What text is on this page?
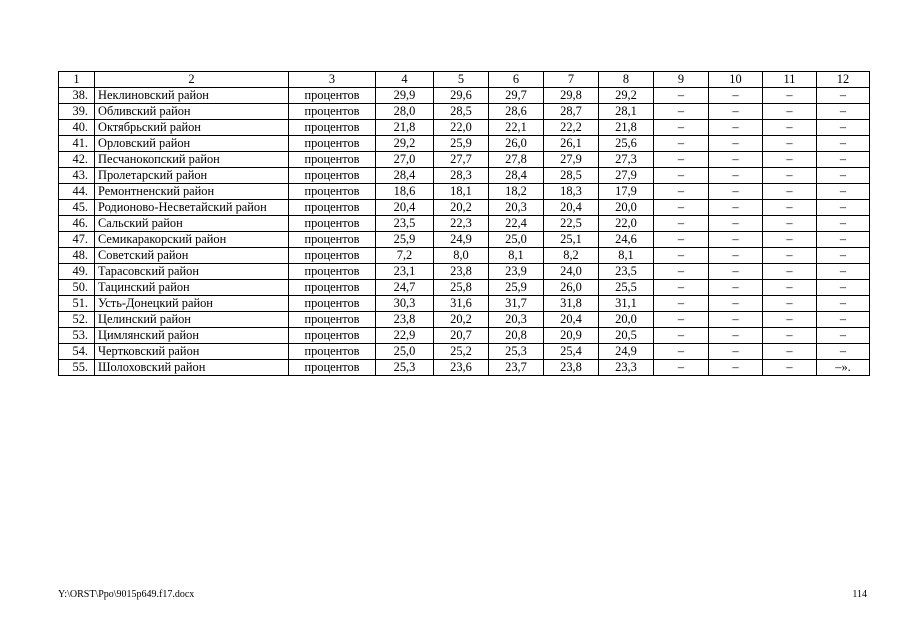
1	2	3	4	5	6	7	8	9	10	11	12
38.	Неклиновский район	процентов	29,9	29,6	29,7	29,8	29,2	–	–	–	–
39.	Обливский район	процентов	28,0	28,5	28,6	28,7	28,1	–	–	–	–
40.	Октябрьский район	процентов	21,8	22,0	22,1	22,2	21,8	–	–	–	–
41.	Орловский район	процентов	29,2	25,9	26,0	26,1	25,6	–	–	–	–
42.	Песчанокопский район	процентов	27,0	27,7	27,8	27,9	27,3	–	–	–	–
43.	Пролетарский район	процентов	28,4	28,3	28,4	28,5	27,9	–	–	–	–
44.	Ремонтненский район	процентов	18,6	18,1	18,2	18,3	17,9	–	–	–	–
45.	Родионово-Несветайский район	процентов	20,4	20,2	20,3	20,4	20,0	–	–	–	–
46.	Сальский район	процентов	23,5	22,3	22,4	22,5	22,0	–	–	–	–
47.	Семикаракорский район	процентов	25,9	24,9	25,0	25,1	24,6	–	–	–	–
48.	Советский район	процентов	7,2	8,0	8,1	8,2	8,1	–	–	–	–
49.	Тарасовский район	процентов	23,1	23,8	23,9	24,0	23,5	–	–	–	–
50.	Тацинский район	процентов	24,7	25,8	25,9	26,0	25,5	–	–	–	–
51.	Усть-Донецкий район	процентов	30,3	31,6	31,7	31,8	31,1	–	–	–	–
52.	Целинский район	процентов	23,8	20,2	20,3	20,4	20,0	–	–	–	–
53.	Цимлянский район	процентов	22,9	20,7	20,8	20,9	20,5	–	–	–	–
54.	Чертковский район	процентов	25,0	25,2	25,3	25,4	24,9	–	–	–	–
55.	Шолоховский район	процентов	25,3	23,6	23,7	23,8	23,3	–	–	–	–».
Y:\ORST\Ppo\9015p649.f17.docx	114
